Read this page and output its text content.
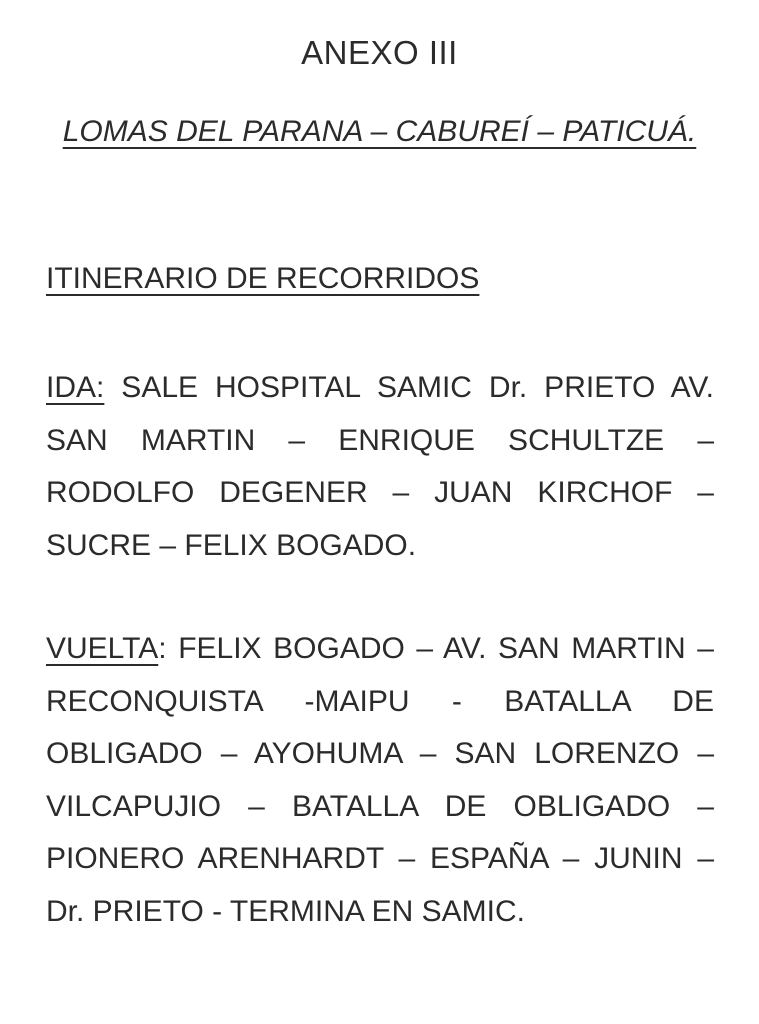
ANEXO III
LOMAS DEL PARANA – CABUREÍ – PATICUÁ.
ITINERARIO DE RECORRIDOS
IDA: SALE HOSPITAL SAMIC Dr. PRIETO AV. SAN MARTIN – ENRIQUE SCHULTZE – RODOLFO DEGENER – JUAN KIRCHOF – SUCRE – FELIX BOGADO.
VUELTA: FELIX BOGADO – AV. SAN MARTIN – RECONQUISTA -MAIPU - BATALLA DE OBLIGADO – AYOHUMA – SAN LORENZO –VILCAPUJIO – BATALLA DE OBLIGADO – PIONERO ARENHARDT – ESPAÑA – JUNIN – Dr. PRIETO - TERMINA EN SAMIC.
